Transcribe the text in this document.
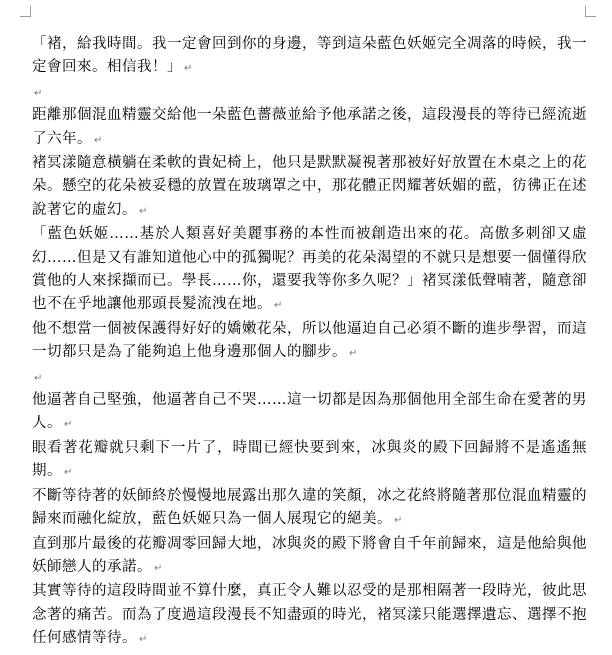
「褚，給我時間。我一定會回到你的身邊，等到這朵藍色妖姬完全凋落的時候，我一定會回來。相信我！」 ↵

↵

距離那個混血精靈交給他一朵藍色薔薇並給予他承諾之後，這段漫長的等待已經流逝了六年。 ↵

褚冥漾隨意橫躺在柔軟的貴妃椅上，他只是默默凝視著那被好好放置在木桌之上的花朵。懸空的花朵被妥穩的放置在玻璃罩之中，那花體正閃耀著妖媚的藍，彷彿正在述說著它的虛幻。 ↵

「藍色妖姬……基於人類喜好美麗事務的本性而被創造出來的花。高傲多刺卻又虛幻……但是又有誰知道他心中的孤獨呢？再美的花朵渴望的不就只是想要一個懂得欣賞他的人來採擷而已。學長……你，還要我等你多久呢？」褚冥漾低聲喃著，隨意卻也不在乎地讓他那頭長髮流洩在地。 ↵

他不想當一個被保護得好好的嬌嫩花朵，所以他逼迫自己必須不斷的進步學習，而這一切都只是為了能夠追上他身邊那個人的腳步。 ↵

↵

他逼著自己堅強，他逼著自己不哭……這一切都是因為那個他用全部生命在愛著的男人。 ↵

眼看著花瓣就只剩下一片了，時間已經快要到來，冰與炎的殿下回歸將不是遙遙無期。 ↵

不斷等待著的妖師終於慢慢地展露出那久違的笑顏，冰之花終將隨著那位混血精靈的歸來而融化綻放，藍色妖姬只為一個人展現它的絕美。 ↵

直到那片最後的花瓣凋零回歸大地，冰與炎的殿下將會自千年前歸來，這是他給與他妖師戀人的承諾。 ↵

其實等待的這段時間並不算什麼，真正令人難以忍受的是那相隔著一段時光，彼此思念著的痛苦。而為了度過這段漫長不知盡頭的時光，褚冥漾只能選擇遺忘、選擇不抱任何感情等待。 ↵
